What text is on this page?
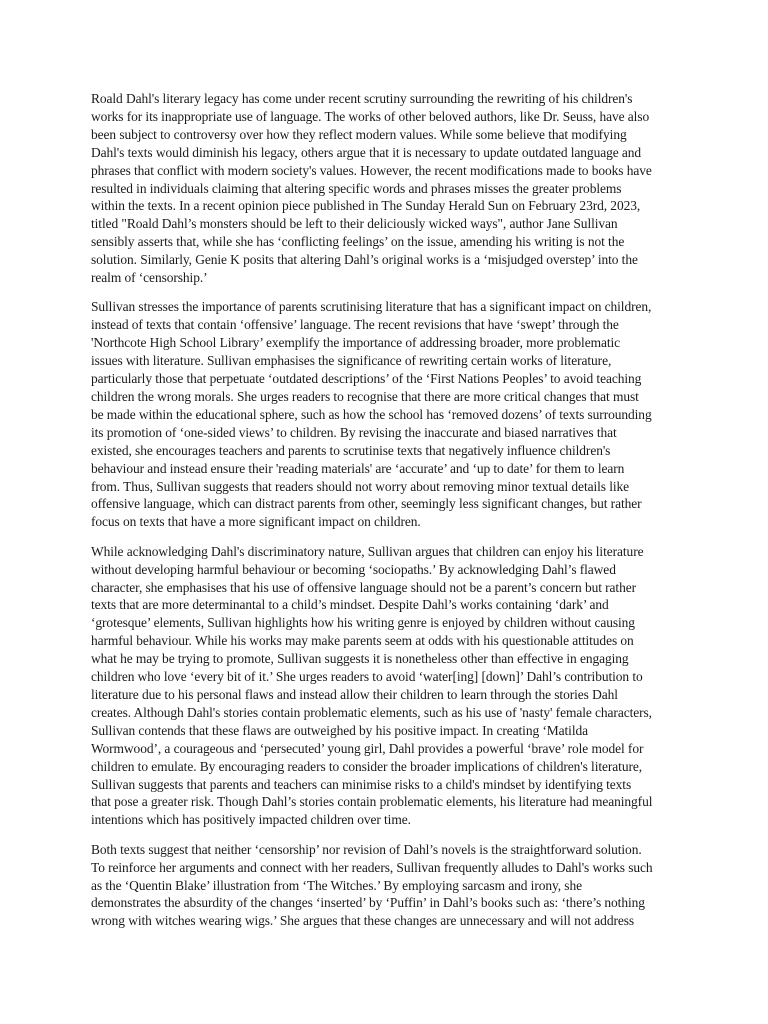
Roald Dahl's literary legacy has come under recent scrutiny surrounding the rewriting of his children's
works for its inappropriate use of language. The works of other beloved authors, like Dr. Seuss, have also
been subject to controversy over how they reflect modern values. While some believe that modifying
Dahl's texts would diminish his legacy, others argue that it is necessary to update outdated language and
phrases that conflict with modern society's values. However, the recent modifications made to books have
resulted in individuals claiming that altering specific words and phrases misses the greater problems
within the texts. In a recent opinion piece published in The Sunday Herald Sun on February 23rd, 2023,
titled "Roald Dahl’s monsters should be left to their deliciously wicked ways", author Jane Sullivan
sensibly asserts that, while she has ‘conflicting feelings’ on the issue, amending his writing is not the
solution. Similarly, Genie K posits that altering Dahl’s original works is a ‘misjudged overstep’ into the
realm of ‘censorship.’

Sullivan stresses the importance of parents scrutinising literature that has a significant impact on children,
instead of texts that contain ‘offensive’ language. The recent revisions that have ‘swept’ through the
'Northcote High School Library’ exemplify the importance of addressing broader, more problematic
issues with literature. Sullivan emphasises the significance of rewriting certain works of literature,
particularly those that perpetuate ‘outdated descriptions’ of the ‘First Nations Peoples’ to avoid teaching
children the wrong morals. She urges readers to recognise that there are more critical changes that must
be made within the educational sphere, such as how the school has ‘removed dozens’ of texts surrounding
its promotion of ‘one-sided views’ to children. By revising the inaccurate and biased narratives that
existed, she encourages teachers and parents to scrutinise texts that negatively influence children's
behaviour and instead ensure their 'reading materials' are ‘accurate’ and ‘up to date’ for them to learn
from. Thus, Sullivan suggests that readers should not worry about removing minor textual details like
offensive language, which can distract parents from other, seemingly less significant changes, but rather
focus on texts that have a more significant impact on children.

While acknowledging Dahl's discriminatory nature, Sullivan argues that children can enjoy his literature
without developing harmful behaviour or becoming ‘sociopaths.’ By acknowledging Dahl’s flawed
character, she emphasises that his use of offensive language should not be a parent’s concern but rather
texts that are more determinantal to a child’s mindset. Despite Dahl’s works containing ‘dark’ and
‘grotesque’ elements, Sullivan highlights how his writing genre is enjoyed by children without causing
harmful behaviour. While his works may make parents seem at odds with his questionable attitudes on
what he may be trying to promote, Sullivan suggests it is nonetheless other than effective in engaging
children who love ‘every bit of it.’ She urges readers to avoid ‘water[ing] [down]’ Dahl’s contribution to
literature due to his personal flaws and instead allow their children to learn through the stories Dahl
creates. Although Dahl's stories contain problematic elements, such as his use of 'nasty' female characters,
Sullivan contends that these flaws are outweighed by his positive impact. In creating ‘Matilda
Wormwood’, a courageous and ‘persecuted’ young girl, Dahl provides a powerful ‘brave’ role model for
children to emulate. By encouraging readers to consider the broader implications of children's literature,
Sullivan suggests that parents and teachers can minimise risks to a child's mindset by identifying texts
that pose a greater risk. Though Dahl’s stories contain problematic elements, his literature had meaningful
intentions which has positively impacted children over time.

Both texts suggest that neither ‘censorship’ nor revision of Dahl’s novels is the straightforward solution.
To reinforce her arguments and connect with her readers, Sullivan frequently alludes to Dahl's works such
as the ‘Quentin Blake’ illustration from ‘The Witches.’ By employing sarcasm and irony, she
demonstrates the absurdity of the changes ‘inserted’ by ‘Puffin’ in Dahl’s books such as: ‘there’s nothing
wrong with witches wearing wigs.’ She argues that these changes are unnecessary and will not address
